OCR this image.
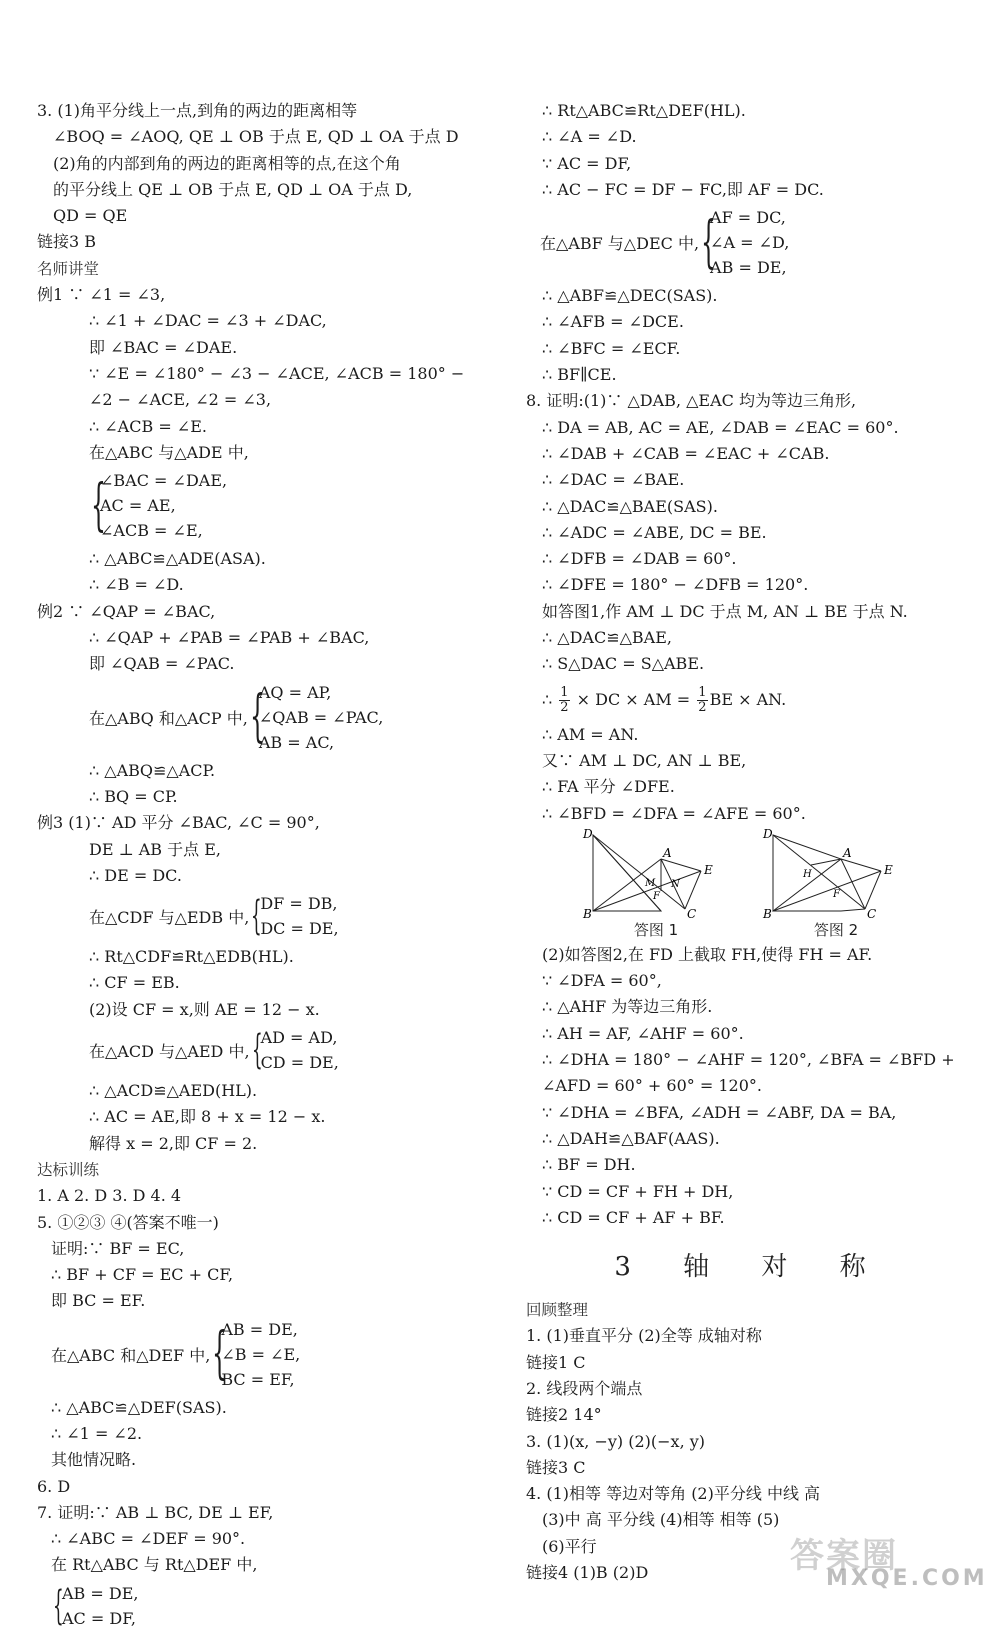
3. (1)角平分线上一点,到角的两边的距离相等
∠BOQ = ∠AOQ, QE ⊥ OB 于点 E, QD ⊥ OA 于点 D
(2)角的内部到角的两边的距离相等的点,在这个角
的平分线上 QE ⊥ OB 于点 E, QD ⊥ OA 于点 D,
QD = QE
链接3 B
名师讲堂
例1 ∵ ∠1 = ∠3,
∴ ∠1 + ∠DAC = ∠3 + ∠DAC,
即 ∠BAC = ∠DAE.
∵ ∠E = ∠180° − ∠3 − ∠ACE, ∠ACB = 180° −
∠2 − ∠ACE, ∠2 = ∠3,
∴ ∠ACB = ∠E.
在△ABC 与△ADE 中,
{
∠BAC = ∠DAE,
AC = AE,
∠ACB = ∠E,
∴ △ABC≌△ADE(ASA).
∴ ∠B = ∠D.
例2 ∵ ∠QAP = ∠BAC,
∴ ∠QAP + ∠PAB = ∠PAB + ∠BAC,
即 ∠QAB = ∠PAC.
在△ABQ 和△ACP 中, {
AQ = AP,
∠QAB = ∠PAC,
AB = AC,
∴ △ABQ≌△ACP.
∴ BQ = CP.
例3 (1)∵ AD 平分 ∠BAC, ∠C = 90°,
DE ⊥ AB 于点 E,
∴ DE = DC.
在△CDF 与△EDB 中, {
DF = DB,
DC = DE,
∴ Rt△CDF≌Rt△EDB(HL).
∴ CF = EB.
(2)设 CF = x,则 AE = 12 − x.
在△ACD 与△AED 中, {
AD = AD,
CD = DE,
∴ △ACD≌△AED(HL).
∴ AC = AE,即 8 + x = 12 − x.
解得 x = 2,即 CF = 2.
达标训练
1. A 2. D 3. D 4. 4
5. ①②③ ④(答案不唯一)
证明:∵ BF = EC,
∴ BF + CF = EC + CF,
即 BC = EF.
在△ABC 和△DEF 中, {
AB = DE,
∠B = ∠E,
BC = EF,
∴ △ABC≌△DEF(SAS).
∴ ∠1 = ∠2.
其他情况略.
6. D
7. 证明:∵ AB ⊥ BC, DE ⊥ EF,
∴ ∠ABC = ∠DEF = 90°.
在 Rt△ABC 与 Rt△DEF 中,
{
AB = DE,
AC = DF,
∴ Rt△ABC≌Rt△DEF(HL).
∴ ∠A = ∠D.
∵ AC = DF,
∴ AC − FC = DF − FC,即 AF = DC.
在△ABF 与△DEC 中, {
AF = DC,
∠A = ∠D,
AB = DE,
∴ △ABF≌△DEC(SAS).
∴ ∠AFB = ∠DCE.
∴ ∠BFC = ∠ECF.
∴ BF∥CE.
8. 证明:(1)∵ △DAB, △EAC 均为等边三角形,
∴ DA = AB, AC = AE, ∠DAB = ∠EAC = 60°.
∴ ∠DAB + ∠CAB = ∠EAC + ∠CAB.
∴ ∠DAC = ∠BAE.
∴ △DAC≌△BAE(SAS).
∴ ∠ADC = ∠ABE, DC = BE.
∴ ∠DFB = ∠DAB = 60°.
∴ ∠DFE = 180° − ∠DFB = 120°.
如答图1,作 AM ⊥ DC 于点 M, AN ⊥ BE 于点 N.
∴ △DAC≌△BAE,
∴ S△DAC = S△ABE.
∴ $\frac{1}{2}$ × DC × AM = $\frac{1}{2}$ BE × AN.
∴ AM = AN.
又∵ AM ⊥ DC, AN ⊥ BE,
∴ FA 平分 ∠DFE.
∴ ∠BFD = ∠DFA = ∠AFE = 60°.
D
A
E
B	C
F
M N
答图 1
D
A
E
B	C
F
H
答图 2
(2)如答图2,在 FD 上截取 FH,使得 FH = AF.
∵ ∠DFA = 60°,
∴ △AHF 为等边三角形.
∴ AH = AF, ∠AHF = 60°.
∴ ∠DHA = 180° − ∠AHF = 120°, ∠BFA = ∠BFD +
∠AFD = 60° + 60° = 120°.
∵ ∠DHA = ∠BFA, ∠ADH = ∠ABF, DA = BA,
∴ △DAH≌△BAF(AAS).
∴ BF = DH.
∵ CD = CF + FH + DH,
∴ CD = CF + AF + BF.
3 轴 对 称
回顾整理
1. (1)垂直平分 (2)全等 成轴对称
链接1 C
2. 线段两个端点
链接2 14°
3. (1)(x, −y) (2)(−x, y)
链接3 C
4. (1)相等 等边对等角 (2)平分线 中线 高
(3)中 高 平分线 (4)相等 相等 (5)
(6)平行
链接4 (1)B (2)D	答案圈
MXQE.COM
